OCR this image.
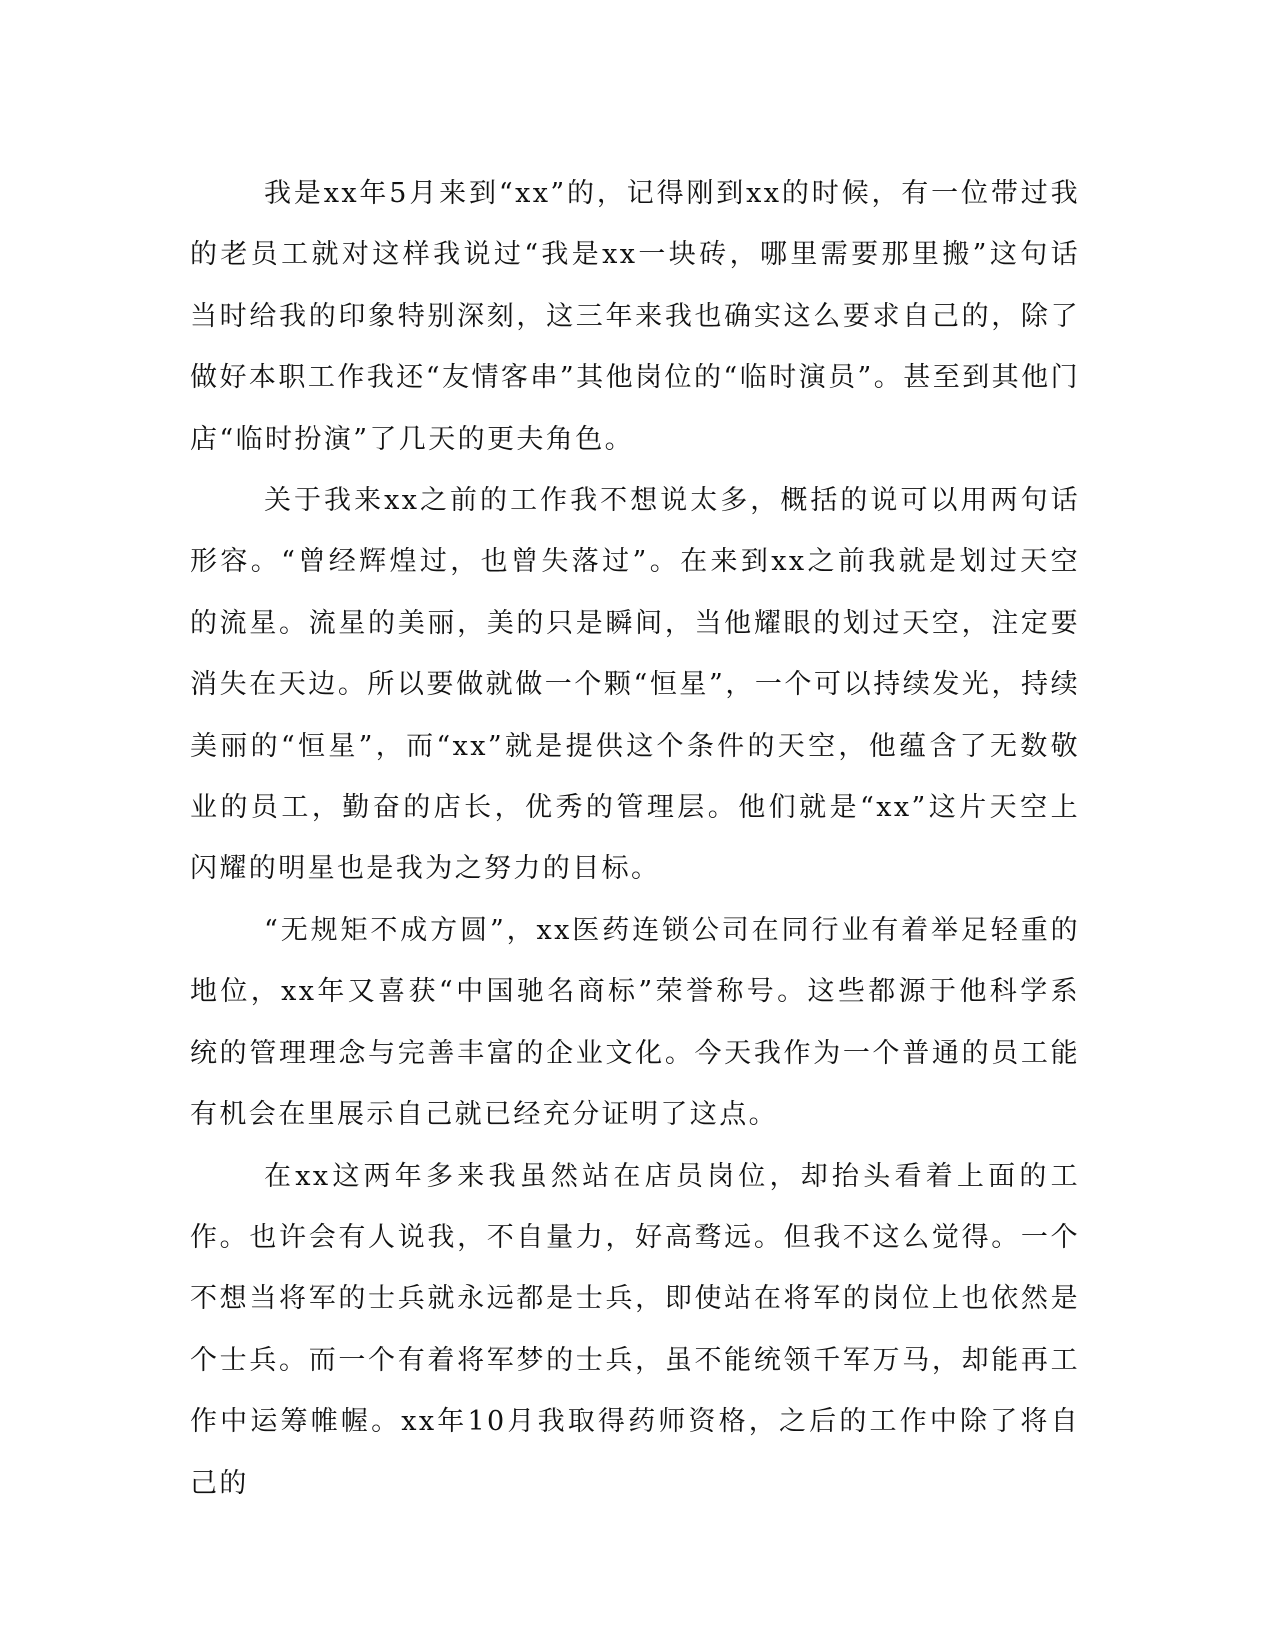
我是xx年5月来到“xx”的，记得刚到xx的时候，有一位带过我的老员工就对这样我说过“我是xx一块砖，哪里需要那里搬”这句话当时给我的印象特别深刻，这三年来我也确实这么要求自己的，除了做好本职工作我还“友情客串”其他岗位的“临时演员”。甚至到其他门店“临时扮演”了几天的更夫角色。

关于我来xx之前的工作我不想说太多，概括的说可以用两句话形容。“曾经辉煌过，也曾失落过”。在来到xx之前我就是划过天空的流星。流星的美丽，美的只是瞬间，当他耀眼的划过天空，注定要消失在天边。所以要做就做一个颗“恒星”，一个可以持续发光，持续美丽的“恒星”，而“xx”就是提供这个条件的天空，他蕴含了无数敬业的员工，勤奋的店长，优秀的管理层。他们就是“xx”这片天空上闪耀的明星也是我为之努力的目标。

“无规矩不成方圆”，xx医药连锁公司在同行业有着举足轻重的地位，xx年又喜获“中国驰名商标”荣誉称号。这些都源于他科学系统的管理理念与完善丰富的企业文化。今天我作为一个普通的员工能有机会在里展示自己就已经充分证明了这点。

在xx这两年多来我虽然站在店员岗位，却抬头看着上面的工作。也许会有人说我，不自量力，好高骛远。但我不这么觉得。一个不想当将军的士兵就永远都是士兵，即使站在将军的岗位上也依然是个士兵。而一个有着将军梦的士兵，虽不能统领千军万马，却能再工作中运筹帷幄。xx年10月我取得药师资格，之后的工作中除了将自己的
